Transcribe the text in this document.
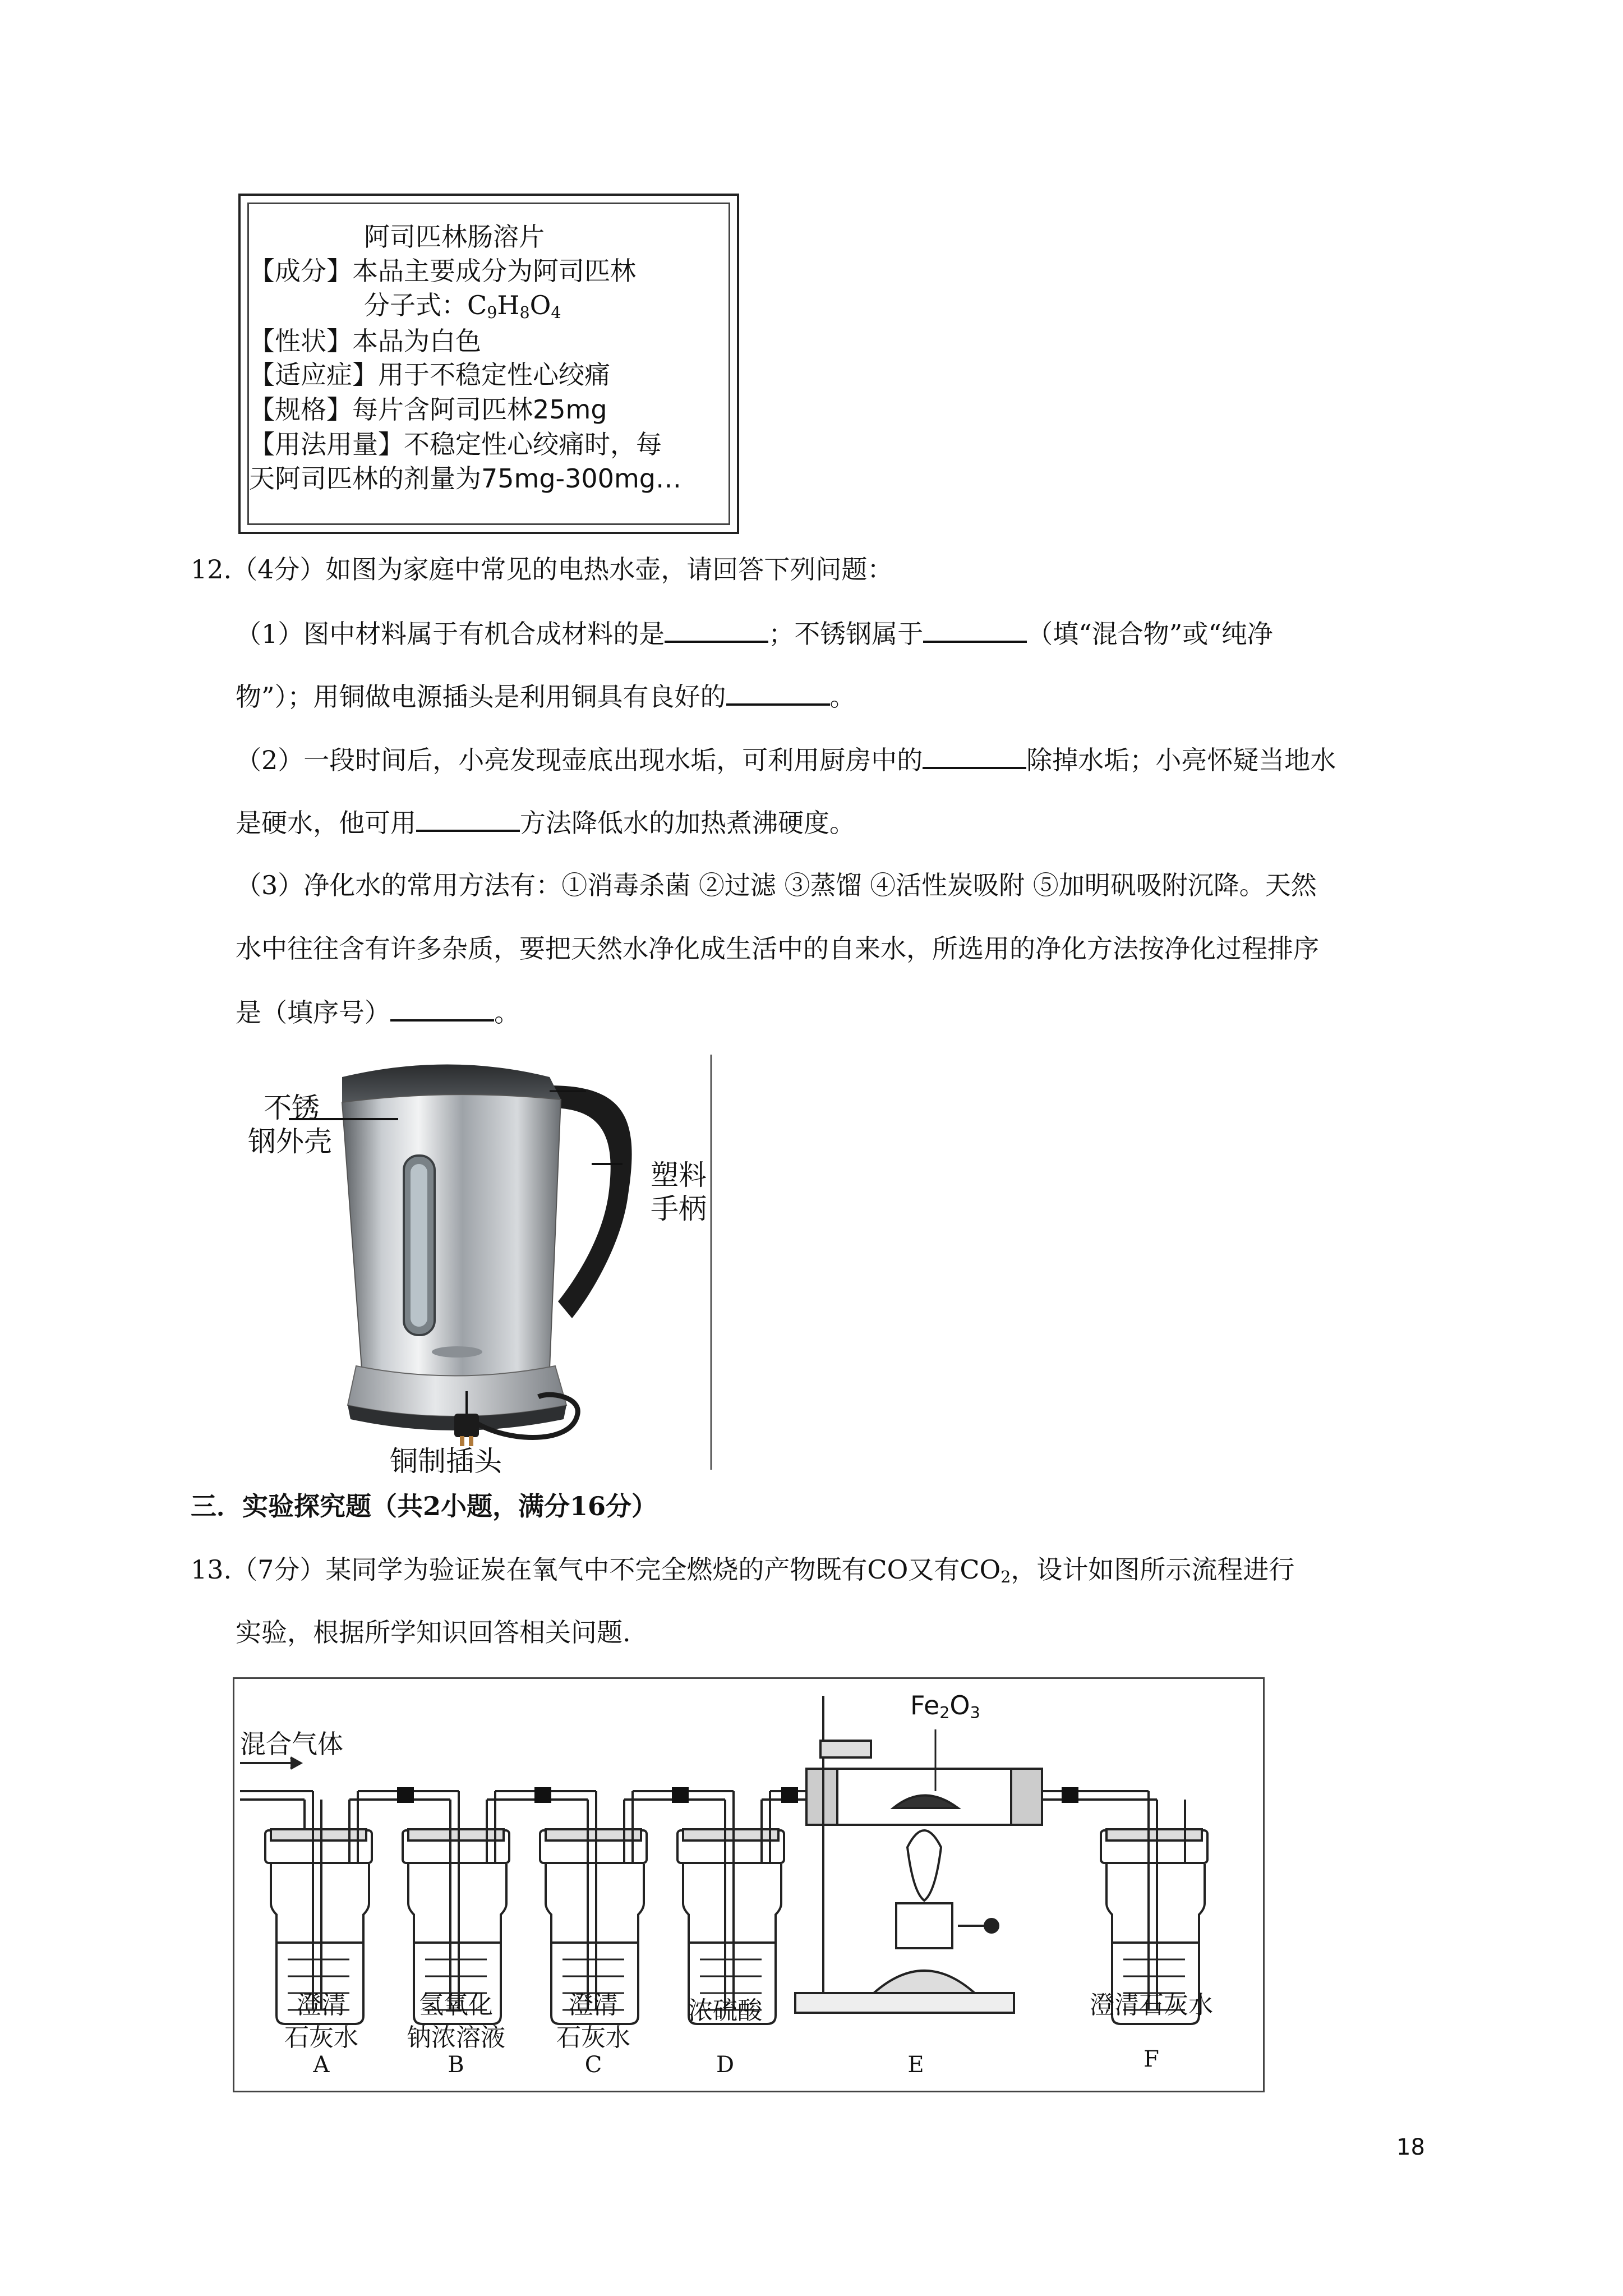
阿司匹林肠溶片
【成分】本品主要成分为阿司匹林
分子式：$C_9H_8O_4$
【性状】本品为白色
【适应症】用于不稳定性心绞痛
【规格】每片含阿司匹林25mg
【用法用量】不稳定性心绞痛时，每
天阿司匹林的剂量为75mg-300mg…
12.（4分）如图为家庭中常见的电热水壶，请回答下列问题：
（1）图中材料属于有机合成材料的是	；不锈钢属于	（填“混合物”或“纯净
物”）；用铜做电源插头是利用铜具有良好的	。
（2）一段时间后，小亮发现壶底出现水垢，可利用厨房中的	除掉水垢；小亮怀疑当地水
是硬水，他可用	方法降低水的加热煮沸硬度。
（3）净化水的常用方法有：①消毒杀菌 ②过滤 ③蒸馏 ④活性炭吸附 ⑤加明矾吸附沉降。天然
水中往往含有许多杂质，要把天然水净化成生活中的自来水，所选用的净化方法按净化过程排序
是（填序号）	。
不锈
钢外壳
塑料
手柄
铜制插头
三．实验探究题（共2小题，满分16分）
13.（7分）某同学为验证炭在氧气中不完全燃烧的产物既有CO又有$CO_2$，设计如图所示流程进行
实验，根据所学知识回答相关问题.
混合气体
$Fe_2O_3$
澄清
石灰水
A
氢氧化
钠浓溶液
B
澄清
石灰水
C
浓硫酸
D	E
澄清石灰水
F
18
